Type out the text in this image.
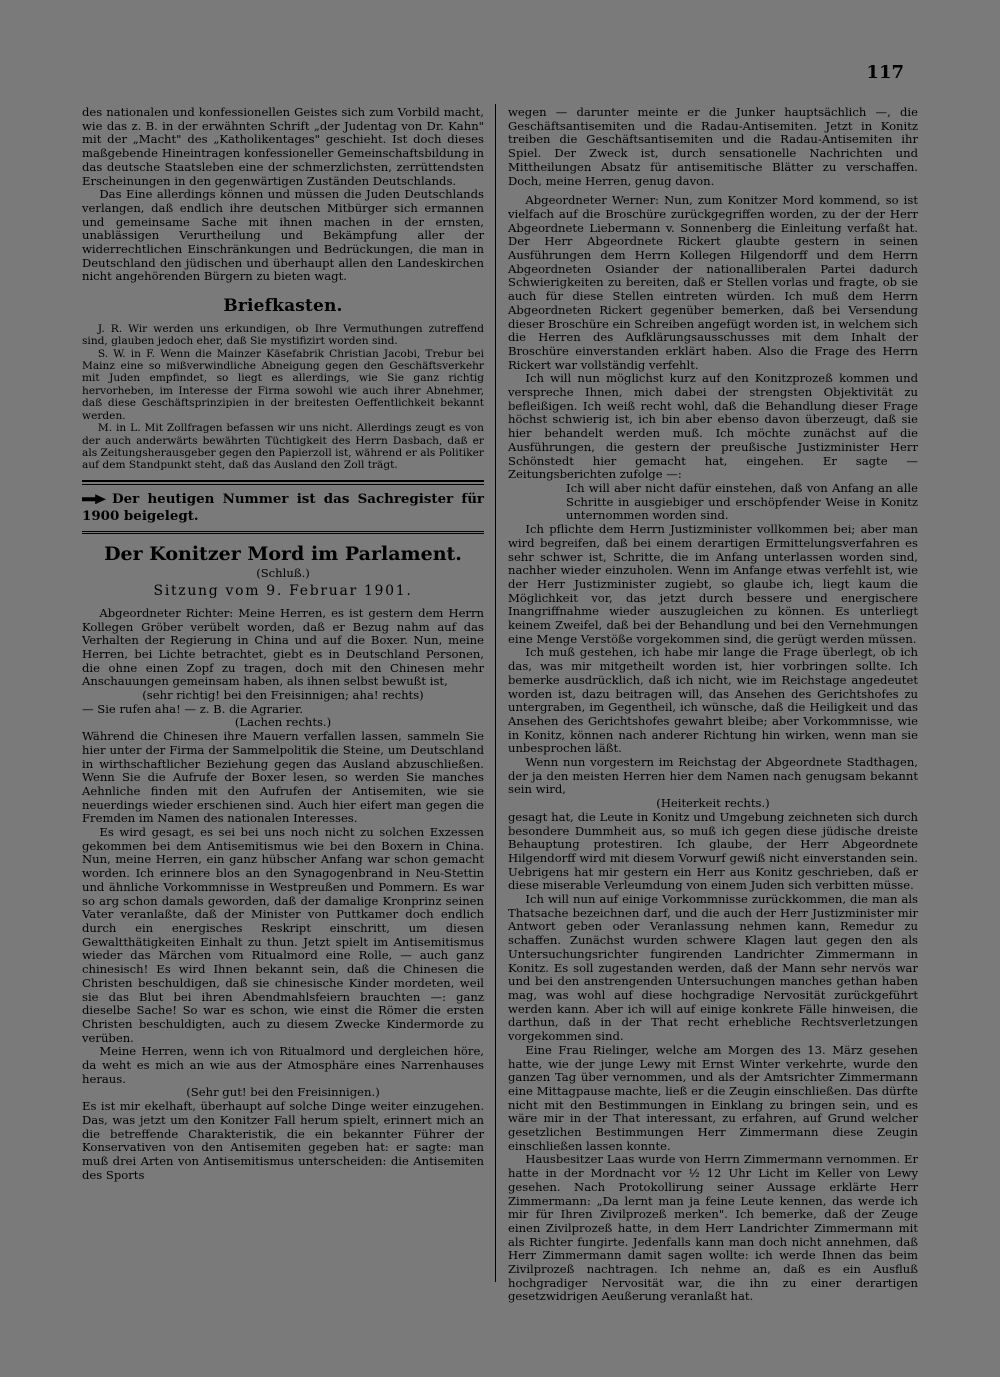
117

des nationalen und konfessionellen Geistes sich zum Vorbild macht, wie das z. B. in der erwähnten Schrift „der Judentag von Dr. Kahn" mit der „Macht" des „Katholikentages" geschieht. Ist doch dieses maßgebende Hineintragen konfessioneller Gemeinschaftsbildung in das deutsche Staatsleben eine der schmerzlichsten, zerrüttendsten Erscheinungen in den gegenwärtigen Zuständen Deutschlands.

Das Eine allerdings können und müssen die Juden Deutschlands verlangen, daß endlich ihre deutschen Mitbürger sich ermannen und gemeinsame Sache mit ihnen machen in der ernsten, unablässigen Verurtheilung und Bekämpfung aller der widerrechtlichen Einschränkungen und Bedrückungen, die man in Deutschland den jüdischen und überhaupt allen den Landeskirchen nicht angehörenden Bürgern zu bieten wagt.

Briefkasten.

J. R. Wir werden uns erkundigen, ob Ihre Vermuthungen zutreffend sind, glauben jedoch eher, daß Sie mystifizirt worden sind.

S. W. in F. Wenn die Mainzer Käsefabrik Christian Jacobi, Trebur bei Mainz eine so mißverwindliche Abneigung gegen den Geschäftsverkehr mit Juden empfindet, so liegt es allerdings, wie Sie ganz richtig hervorheben, im Interesse der Firma sowohl wie auch ihrer Abnehmer, daß diese Geschäftsprinzipien in der breitesten Oeffentlichkeit bekannt werden.

M. in L. Mit Zollfragen befassen wir uns nicht. Allerdings zeugt es von der auch anderwärts bewährten Tüchtigkeit des Herrn Dasbach, daß er als Zeitungsherausgeber gegen den Papierzoll ist, während er als Politiker auf dem Standpunkt steht, daß das Ausland den Zoll trägt.

Der heutigen Nummer ist das Sachregister für 1900 beigelegt.
Der Konitzer Mord im Parlament.
(Schluß.)
Sitzung vom 9. Februar 1901.

Abgeordneter Richter: Meine Herren, es ist gestern dem Herrn Kollegen Gröber verübelt worden, daß er Bezug nahm auf das Verhalten der Regierung in China und auf die Boxer. Nun, meine Herren, bei Lichte betrachtet, giebt es in Deutschland Personen, die ohne einen Zopf zu tragen, doch mit den Chinesen mehr Anschauungen gemeinsam haben, als ihnen selbst bewußt ist,

(sehr richtig! bei den Freisinnigen; aha! rechts)

— Sie rufen aha! — z. B. die Agrarier.

(Lachen rechts.)

Während die Chinesen ihre Mauern verfallen lassen, sammeln Sie hier unter der Firma der Sammelpolitik die Steine, um Deutschland in wirthschaftlicher Beziehung gegen das Ausland abzuschließen. Wenn Sie die Aufrufe der Boxer lesen, so werden Sie manches Aehnliche finden mit den Aufrufen der Antisemiten, wie sie neuerdings wieder erschienen sind. Auch hier eifert man gegen die Fremden im Namen des nationalen Interesses.

Es wird gesagt, es sei bei uns noch nicht zu solchen Exzessen gekommen bei dem Antisemitismus wie bei den Boxern in China. Nun, meine Herren, ein ganz hübscher Anfang war schon gemacht worden. Ich erinnere blos an den Synagogenbrand in Neu-Stettin und ähnliche Vorkommnisse in Westpreußen und Pommern. Es war so arg schon damals geworden, daß der damalige Kronprinz seinen Vater veranlaßte, daß der Minister von Puttkamer doch endlich durch ein energisches Reskript einschritt, um diesen Gewaltthätigkeiten Einhalt zu thun. Jetzt spielt im Antisemitismus wieder das Märchen vom Ritualmord eine Rolle, — auch ganz chinesisch! Es wird Ihnen bekannt sein, daß die Chinesen die Christen beschuldigen, daß sie chinesische Kinder mordeten, weil sie das Blut bei ihren Abendmahlsfeiern brauchten —: ganz dieselbe Sache! So war es schon, wie einst die Römer die ersten Christen beschuldigten, auch zu diesem Zwecke Kindermorde zu verüben.

Meine Herren, wenn ich von Ritualmord und dergleichen höre, da weht es mich an wie aus der Atmosphäre eines Narrenhauses heraus.

(Sehr gut! bei den Freisinnigen.)

Es ist mir ekelhaft, überhaupt auf solche Dinge weiter einzugehen. Das, was jetzt um den Konitzer Fall herum spielt, erinnert mich an die betreffende Charakteristik, die ein bekannter Führer der Konservativen von den Antisemiten gegeben hat: er sagte: man muß drei Arten von Antisemitismus unterscheiden: die Antisemiten des Sports

wegen — darunter meinte er die Junker hauptsächlich —, die Geschäftsantisemiten und die Radau-Antisemiten. Jetzt in Konitz treiben die Geschäftsantisemiten und die Radau-Antisemiten ihr Spiel. Der Zweck ist, durch sensationelle Nachrichten und Mittheilungen Absatz für antisemitische Blätter zu verschaffen. Doch, meine Herren, genug davon.

Abgeordneter Werner: Nun, zum Konitzer Mord kommend, so ist vielfach auf die Broschüre zurückgegriffen worden, zu der der Herr Abgeordnete Liebermann v. Sonnenberg die Einleitung verfaßt hat. Der Herr Abgeordnete Rickert glaubte gestern in seinen Ausführungen dem Herrn Kollegen Hilgendorff und dem Herrn Abgeordneten Osiander der nationalliberalen Partei dadurch Schwierigkeiten zu bereiten, daß er Stellen vorlas und fragte, ob sie auch für diese Stellen eintreten würden. Ich muß dem Herrn Abgeordneten Rickert gegenüber bemerken, daß bei Versendung dieser Broschüre ein Schreiben angefügt worden ist, in welchem sich die Herren des Aufklärungsausschusses mit dem Inhalt der Broschüre einverstanden erklärt haben. Also die Frage des Herrn Rickert war vollständig verfehlt.

Ich will nun möglichst kurz auf den Konitzprozeß kommen und verspreche Ihnen, mich dabei der strengsten Objektivität zu befleißigen. Ich weiß recht wohl, daß die Behandlung dieser Frage höchst schwierig ist, ich bin aber ebenso davon überzeugt, daß sie hier behandelt werden muß. Ich möchte zunächst auf die Ausführungen, die gestern der preußische Justizminister Herr Schönstedt hier gemacht hat, eingehen. Er sagte — Zeitungsberichten zufolge —:

Ich will aber nicht dafür einstehen, daß von Anfang an alle Schritte in ausgiebiger und erschöpfender Weise in Konitz unternommen worden sind.

Ich pflichte dem Herrn Justizminister vollkommen bei; aber man wird begreifen, daß bei einem derartigen Ermittelungsverfahren es sehr schwer ist, Schritte, die im Anfang unterlassen worden sind, nachher wieder einzuholen. Wenn im Anfange etwas verfehlt ist, wie der Herr Justizminister zugiebt, so glaube ich, liegt kaum die Möglichkeit vor, das jetzt durch bessere und energischere Inangriffnahme wieder auszugleichen zu können. Es unterliegt keinem Zweifel, daß bei der Behandlung und bei den Vernehmungen eine Menge Verstöße vorgekommen sind, die gerügt werden müssen.

Ich muß gestehen, ich habe mir lange die Frage überlegt, ob ich das, was mir mitgetheilt worden ist, hier vorbringen sollte. Ich bemerke ausdrücklich, daß ich nicht, wie im Reichstage angedeutet worden ist, dazu beitragen will, das Ansehen des Gerichtshofes zu untergraben, im Gegentheil, ich wünsche, daß die Heiligkeit und das Ansehen des Gerichtshofes gewahrt bleibe; aber Vorkommnisse, wie in Konitz, können nach anderer Richtung hin wirken, wenn man sie unbesprochen läßt.

Wenn nun vorgestern im Reichstag der Abgeordnete Stadthagen, der ja den meisten Herren hier dem Namen nach genugsam bekannt sein wird,

(Heiterkeit rechts.)

gesagt hat, die Leute in Konitz und Umgebung zeichneten sich durch besondere Dummheit aus, so muß ich gegen diese jüdische dreiste Behauptung protestiren. Ich glaube, der Herr Abgeordnete Hilgendorff wird mit diesem Vorwurf gewiß nicht einverstanden sein. Uebrigens hat mir gestern ein Herr aus Konitz geschrieben, daß er diese miserable Verleumdung von einem Juden sich verbitten müsse.

Ich will nun auf einige Vorkommnisse zurückkommen, die man als Thatsache bezeichnen darf, und die auch der Herr Justizminister mir Antwort geben oder Veranlassung nehmen kann, Remedur zu schaffen. Zunächst wurden schwere Klagen laut gegen den als Untersuchungsrichter fungirenden Landrichter Zimmermann in Konitz. Es soll zugestanden werden, daß der Mann sehr nervös war und bei den anstrengenden Untersuchungen manches gethan haben mag, was wohl auf diese hochgradige Nervosität zurückgeführt werden kann. Aber ich will auf einige konkrete Fälle hinweisen, die darthun, daß in der That recht erhebliche Rechtsverletzungen vorgekommen sind.

Eine Frau Rielinger, welche am Morgen des 13. März gesehen hatte, wie der junge Lewy mit Ernst Winter verkehrte, wurde den ganzen Tag über vernommen, und als der Amtsrichter Zimmermann eine Mittagpause machte, ließ er die Zeugin einschließen. Das dürfte nicht mit den Bestimmungen in Einklang zu bringen sein, und es wäre mir in der That interessant, zu erfahren, auf Grund welcher gesetzlichen Bestimmungen Herr Zimmermann diese Zeugin einschließen lassen konnte.

Hausbesitzer Laas wurde von Herrn Zimmermann vernommen. Er hatte in der Mordnacht vor ½ 12 Uhr Licht im Keller von Lewy gesehen. Nach Protokollirung seiner Aussage erklärte Herr Zimmermann: „Da lernt man ja feine Leute kennen, das werde ich mir für Ihren Zivilprozeß merken". Ich bemerke, daß der Zeuge einen Zivilprozeß hatte, in dem Herr Landrichter Zimmermann mit als Richter fungirte. Jedenfalls kann man doch nicht annehmen, daß Herr Zimmermann damit sagen wollte: ich werde Ihnen das beim Zivilprozeß nachtragen. Ich nehme an, daß es ein Ausfluß hochgradiger Nervosität war, die ihn zu einer derartigen gesetzwidrigen Aeußerung veranlaßt hat.
